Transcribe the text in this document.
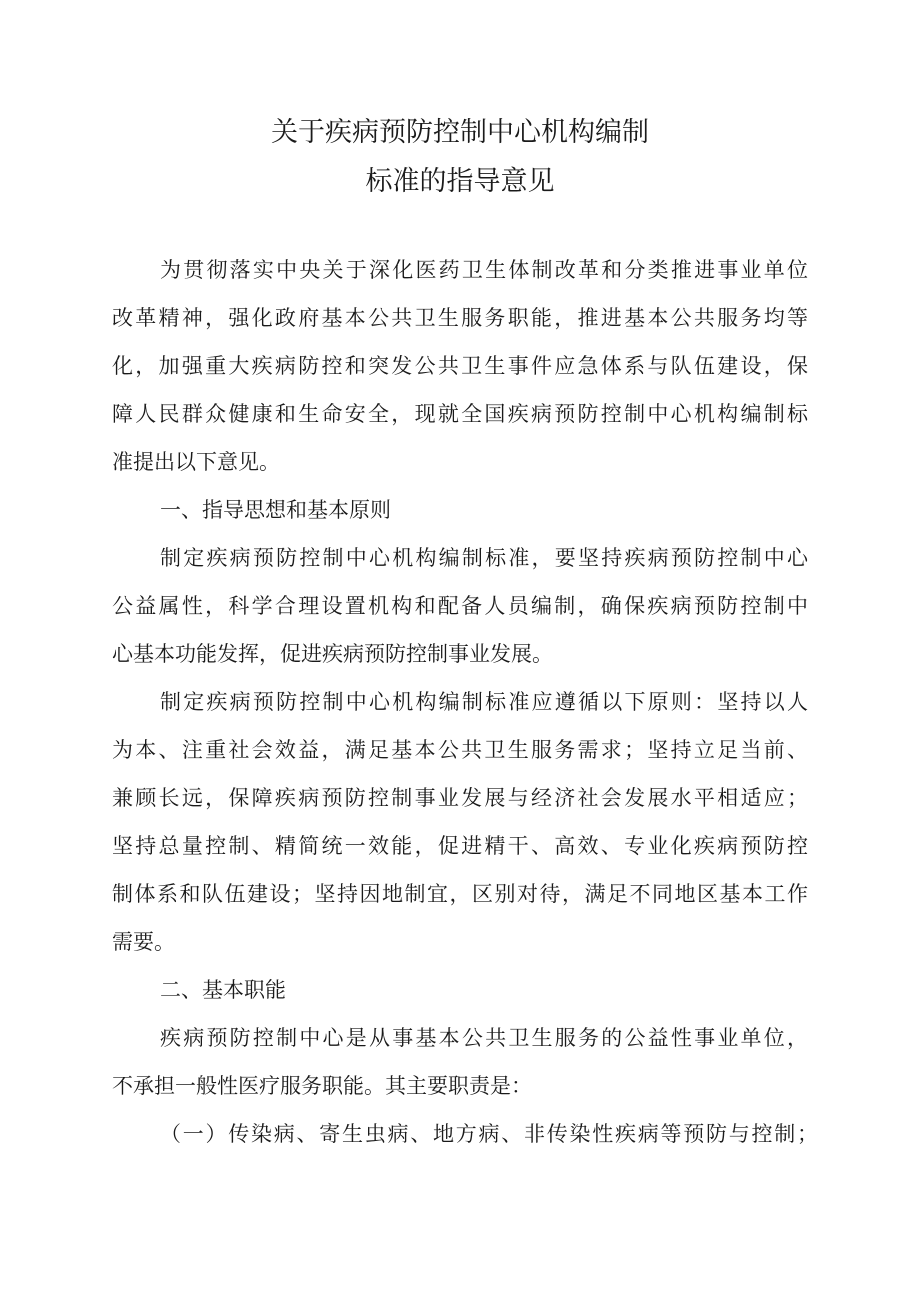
关于疾病预防控制中心机构编制
标准的指导意见
为贯彻落实中央关于深化医药卫生体制改革和分类推进事业单位
改革精神，强化政府基本公共卫生服务职能，推进基本公共服务均等
化，加强重大疾病防控和突发公共卫生事件应急体系与队伍建设，保
障人民群众健康和生命安全，现就全国疾病预防控制中心机构编制标
准提出以下意见。
一、指导思想和基本原则
制定疾病预防控制中心机构编制标准，要坚持疾病预防控制中心
公益属性，科学合理设置机构和配备人员编制，确保疾病预防控制中
心基本功能发挥，促进疾病预防控制事业发展。
制定疾病预防控制中心机构编制标准应遵循以下原则：坚持以人
为本、注重社会效益，满足基本公共卫生服务需求；坚持立足当前、
兼顾长远，保障疾病预防控制事业发展与经济社会发展水平相适应；
坚持总量控制、精简统一效能，促进精干、高效、专业化疾病预防控
制体系和队伍建设；坚持因地制宜，区别对待，满足不同地区基本工作
需要。
二、基本职能
疾病预防控制中心是从事基本公共卫生服务的公益性事业单位，
不承担一般性医疗服务职能。其主要职责是：
（一）传染病、寄生虫病、地方病、非传染性疾病等预防与控制；
